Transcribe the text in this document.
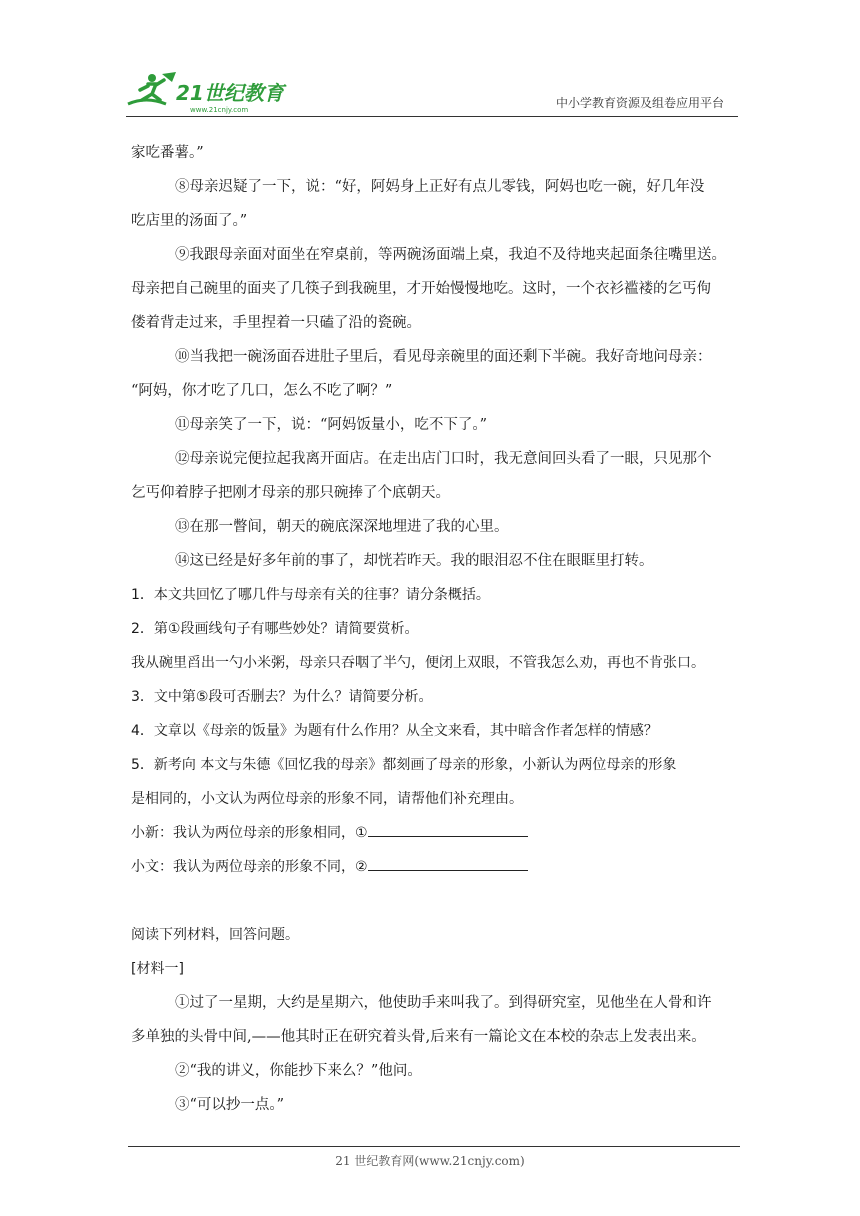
21世纪教育
www.21cnjy.com	中小学教育资源及组卷应用平台
家吃番薯。”
⑧母亲迟疑了一下，说：“好，阿妈身上正好有点儿零钱，阿妈也吃一碗，好几年没
吃店里的汤面了。”
⑨我跟母亲面对面坐在窄桌前，等两碗汤面端上桌，我迫不及待地夹起面条往嘴里送。
母亲把自己碗里的面夹了几筷子到我碗里，才开始慢慢地吃。这时，一个衣衫褴褛的乞丐佝
偻着背走过来，手里捏着一只磕了沿的瓷碗。
⑩当我把一碗汤面吞进肚子里后，看见母亲碗里的面还剩下半碗。我好奇地问母亲：
“阿妈，你才吃了几口，怎么不吃了啊？”
⑪母亲笑了一下，说：“阿妈饭量小，吃不下了。”
⑫母亲说完便拉起我离开面店。在走出店门口时，我无意间回头看了一眼，只见那个
乞丐仰着脖子把刚才母亲的那只碗捧了个底朝天。
⑬在那一瞥间，朝天的碗底深深地埋进了我的心里。
⑭这已经是好多年前的事了，却恍若昨天。我的眼泪忍不住在眼眶里打转。
1．本文共回忆了哪几件与母亲有关的往事？请分条概括。
2．第①段画线句子有哪些妙处？请简要赏析。
我从碗里舀出一勺小米粥，母亲只吞咽了半勺，便闭上双眼，不管我怎么劝，再也不肯张口。
3．文中第⑤段可否删去？为什么？请简要分析。
4．文章以《母亲的饭量》为题有什么作用？从全文来看，其中暗含作者怎样的情感？
5．新考向 本文与朱德《回忆我的母亲》都刻画了母亲的形象，小新认为两位母亲的形象
是相同的，小文认为两位母亲的形象不同，请帮他们补充理由。
小新：我认为两位母亲的形象相同，①
小文：我认为两位母亲的形象不同，②
阅读下列材料，回答问题。
[材料一]
①过了一星期，大约是星期六，他使助手来叫我了。到得研究室，见他坐在人骨和许
多单独的头骨中间,——他其时正在研究着头骨,后来有一篇论文在本校的杂志上发表出来。
②“我的讲义，你能抄下来么？”他问。
③“可以抄一点。”
21 世纪教育网(www.21cnjy.com)
